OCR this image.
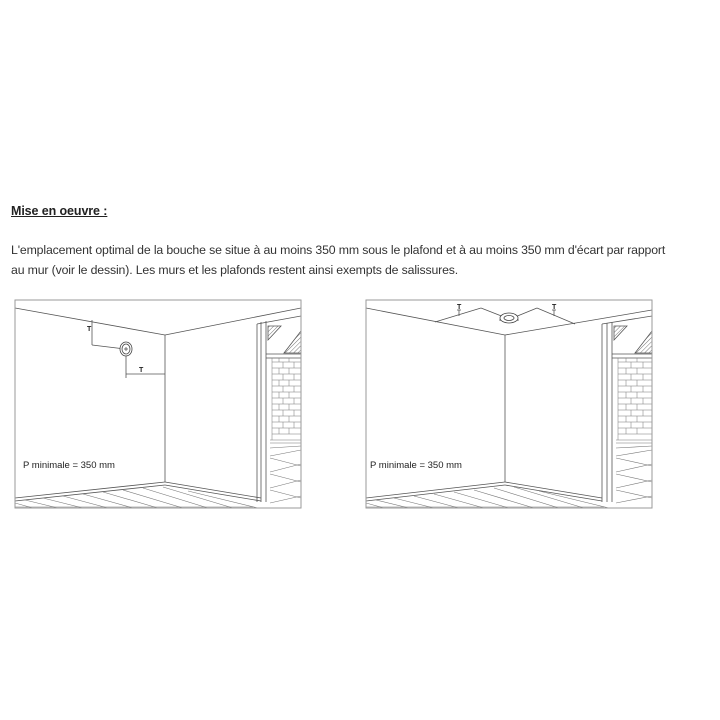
Mise en oeuvre :

L'emplacement optimal de la bouche se situe à au moins 350 mm sous le plafond et à au moins 350 mm d'écart par rapport

au mur (voir le dessin). Les murs et les plafonds restent ainsi exempts de salissures.

T
T
P minimale = 350 mm
T	T
P minimale = 350 mm
